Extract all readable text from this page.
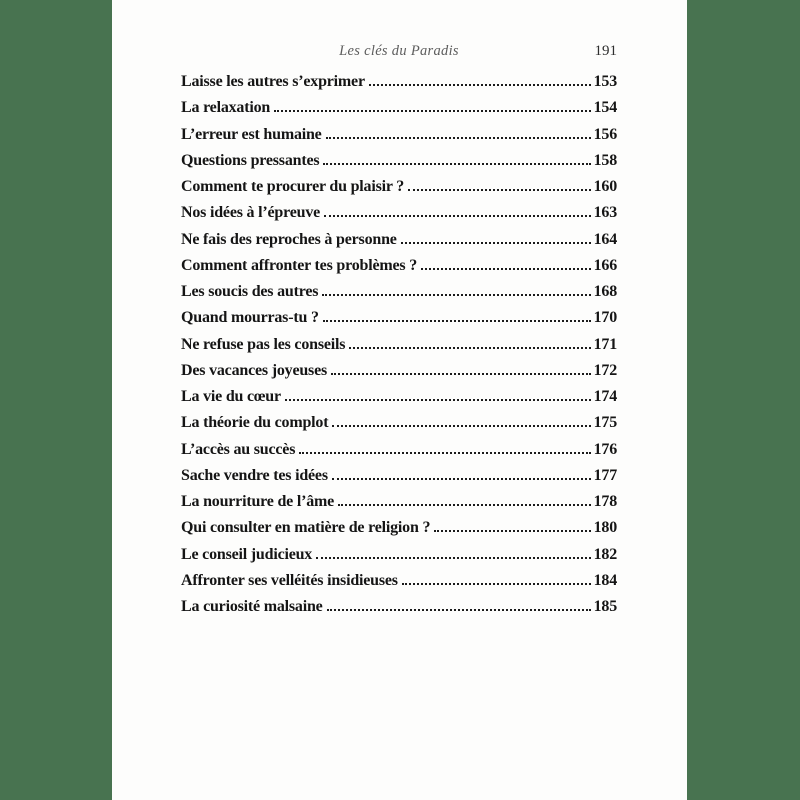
Les clés du Paradis	191
Laisse les autres s’exprimer	153
La relaxation	154
L’erreur est humaine	156
Questions pressantes	158
Comment te procurer du plaisir ?	160
Nos idées à l’épreuve	163
Ne fais des reproches à personne	164
Comment affronter tes problèmes ?	166
Les soucis des autres	168
Quand mourras-tu ?	170
Ne refuse pas les conseils	171
Des vacances joyeuses	172
La vie du cœur	174
La théorie du complot	175
L’accès au succès	176
Sache vendre tes idées	177
La nourriture de l’âme	178
Qui consulter en matière de religion ?	180
Le conseil judicieux	182
Affronter ses velléités insidieuses	184
La curiosité malsaine	185
